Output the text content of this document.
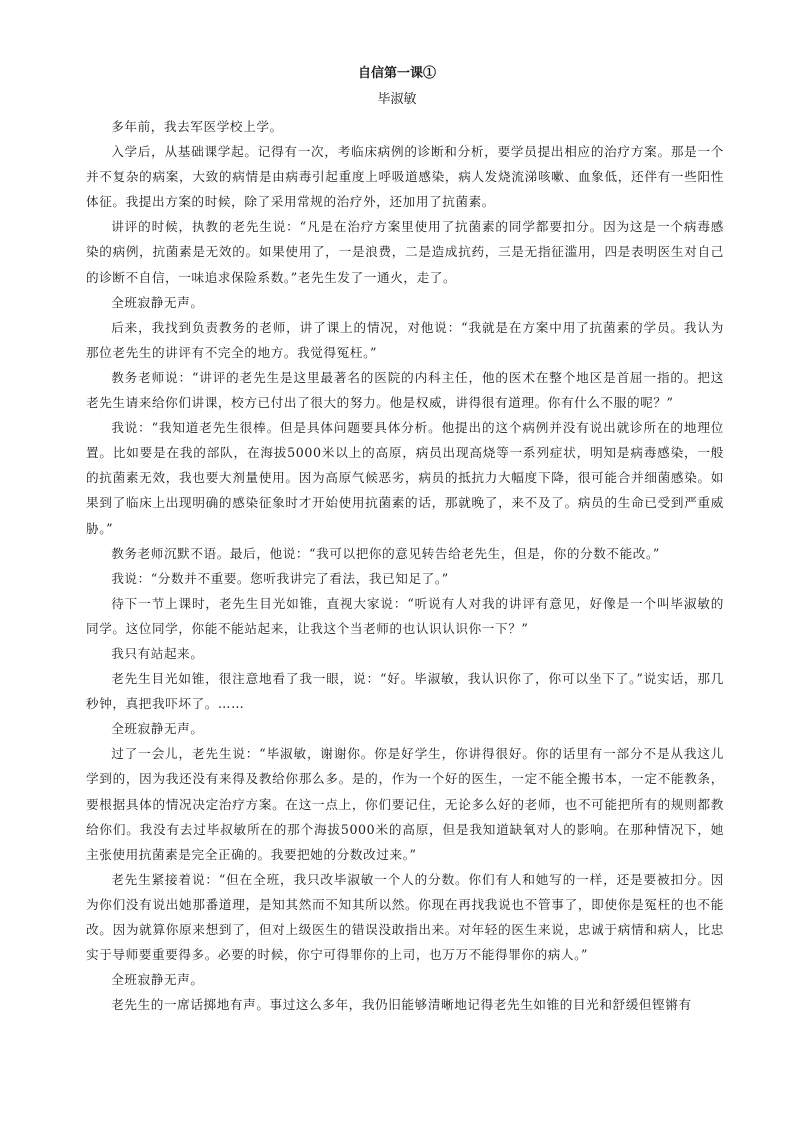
自信第一课①
毕淑敏

多年前，我去军医学校上学。

入学后，从基础课学起。记得有一次，考临床病例的诊断和分析，要学员提出相应的治疗方案。那是一个并不复杂的病案，大致的病情是由病毒引起重度上呼吸道感染，病人发烧流涕咳嗽、血象低，还伴有一些阳性体征。我提出方案的时候，除了采用常规的治疗外，还加用了抗菌素。

讲评的时候，执教的老先生说：“凡是在治疗方案里使用了抗菌素的同学都要扣分。因为这是一个病毒感染的病例，抗菌素是无效的。如果使用了，一是浪费，二是造成抗药，三是无指征滥用，四是表明医生对自己的诊断不自信，一味追求保险系数。”老先生发了一通火，走了。

全班寂静无声。

后来，我找到负责教务的老师，讲了课上的情况，对他说：“我就是在方案中用了抗菌素的学员。我认为那位老先生的讲评有不完全的地方。我觉得冤枉。”

教务老师说：“讲评的老先生是这里最著名的医院的内科主任，他的医术在整个地区是首屈一指的。把这老先生请来给你们讲课，校方已付出了很大的努力。他是权威，讲得很有道理。你有什么不服的呢？”

我说：“我知道老先生很棒。但是具体问题要具体分析。他提出的这个病例并没有说出就诊所在的地理位置。比如要是在我的部队，在海拔5000米以上的高原，病员出现高烧等一系列症状，明知是病毒感染，一般的抗菌素无效，我也要大剂量使用。因为高原气候恶劣，病员的抵抗力大幅度下降，很可能合并细菌感染。如果到了临床上出现明确的感染征象时才开始使用抗菌素的话，那就晚了，来不及了。病员的生命已受到严重威胁。”

教务老师沉默不语。最后，他说：“我可以把你的意见转告给老先生，但是，你的分数不能改。”

我说：“分数并不重要。您听我讲完了看法，我已知足了。”

待下一节上课时，老先生目光如锥，直视大家说：“听说有人对我的讲评有意见，好像是一个叫毕淑敏的同学。这位同学，你能不能站起来，让我这个当老师的也认识认识你一下？”

我只有站起来。

老先生目光如锥，很注意地看了我一眼，说：“好。毕淑敏，我认识你了，你可以坐下了。”说实话，那几秒钟，真把我吓坏了。……

全班寂静无声。

过了一会儿，老先生说：“毕淑敏，谢谢你。你是好学生，你讲得很好。你的话里有一部分不是从我这儿学到的，因为我还没有来得及教给你那么多。是的，作为一个好的医生，一定不能全搬书本，一定不能教条，要根据具体的情况决定治疗方案。在这一点上，你们要记住，无论多么好的老师，也不可能把所有的规则都教给你们。我没有去过毕叔敏所在的那个海拔5000米的高原，但是我知道缺氧对人的影响。在那种情况下，她主张使用抗菌素是完全正确的。我要把她的分数改过来。”

老先生紧接着说：“但在全班，我只改毕淑敏一个人的分数。你们有人和她写的一样，还是要被扣分。因为你们没有说出她那番道理，是知其然而不知其所以然。你现在再找我说也不管事了，即使你是冤枉的也不能改。因为就算你原来想到了，但对上级医生的错误没敢指出来。对年轻的医生来说，忠诚于病情和病人，比忠实于导师要重要得多。必要的时候，你宁可得罪你的上司，也万万不能得罪你的病人。”

全班寂静无声。

老先生的一席话掷地有声。事过这么多年，我仍旧能够清晰地记得老先生如锥的目光和舒缓但铿锵有
